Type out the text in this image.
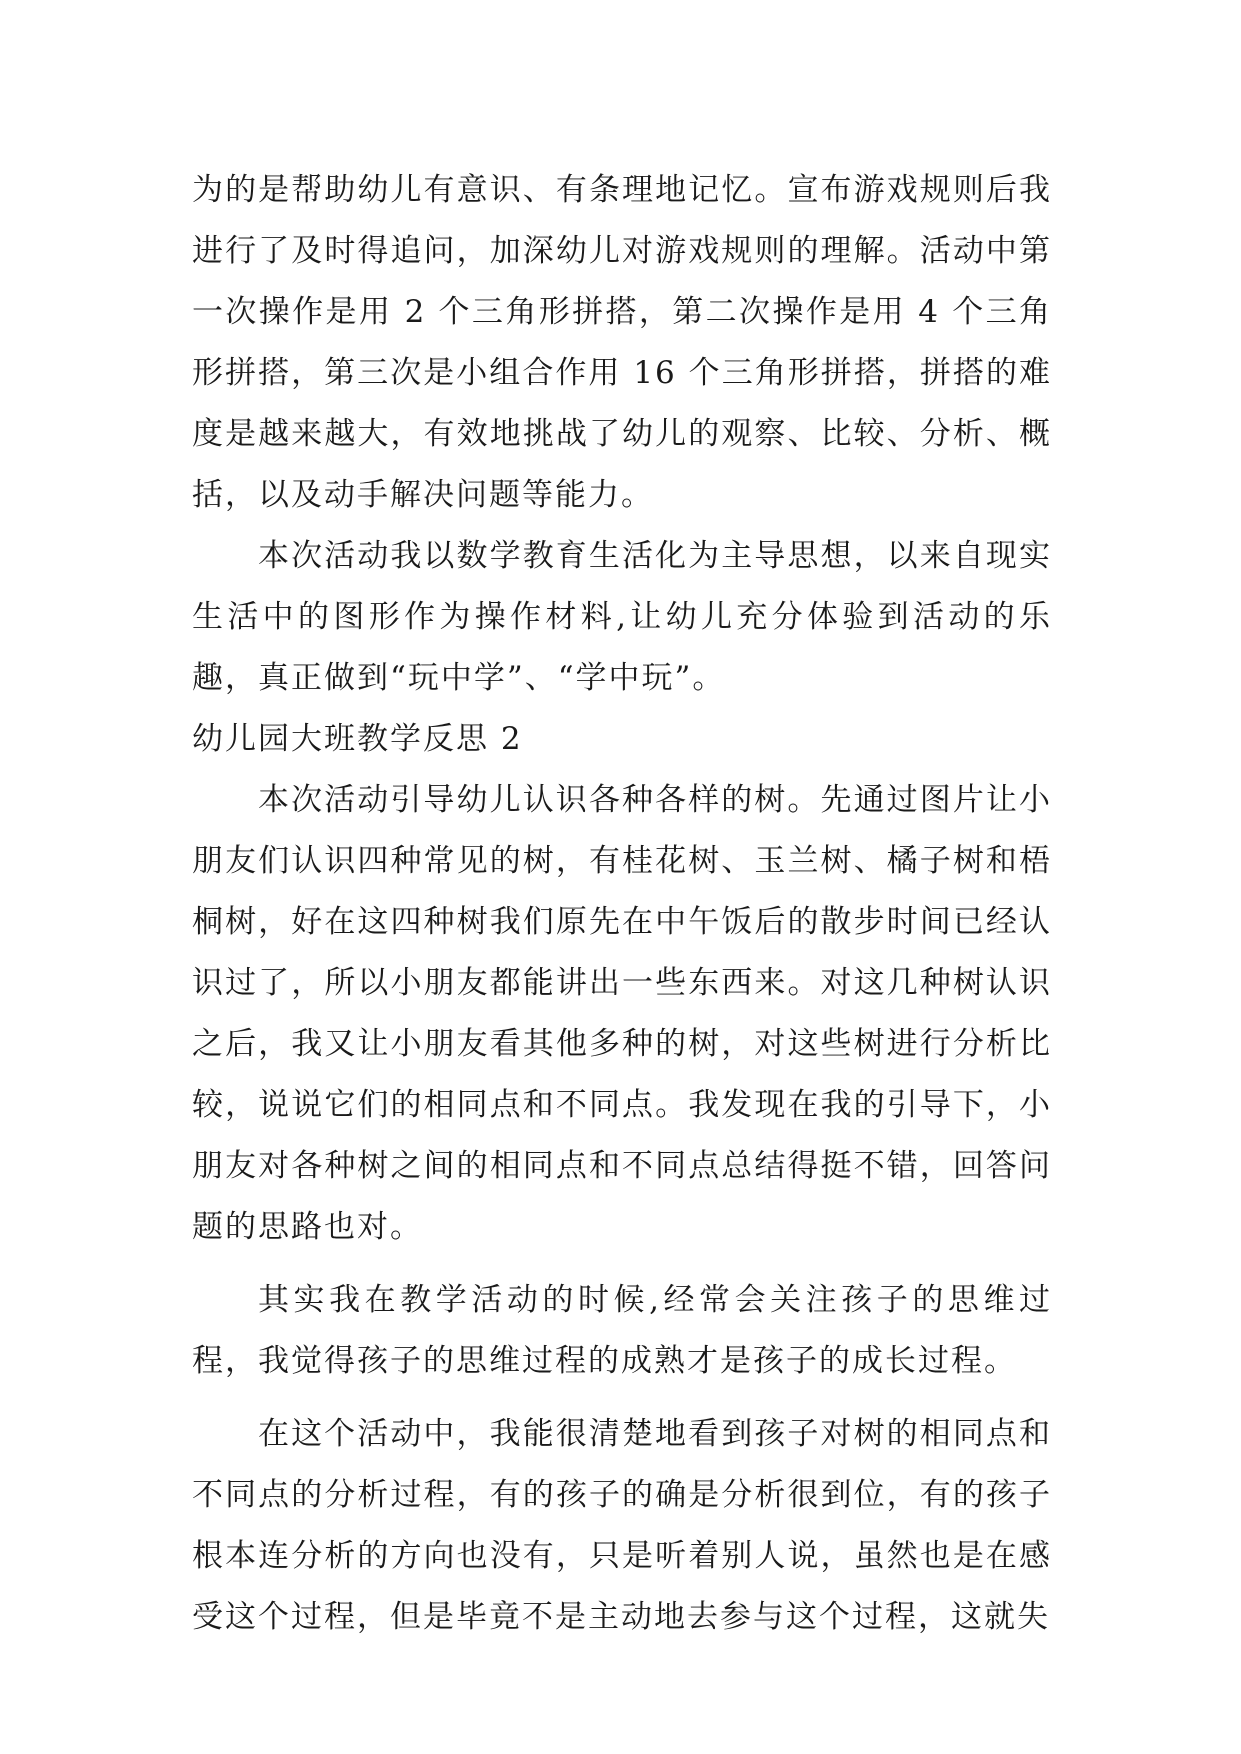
为的是帮助幼儿有意识、有条理地记忆。宣布游戏规则后我进行了及时得追问，加深幼儿对游戏规则的理解。活动中第一次操作是用 2 个三角形拼搭，第二次操作是用 4 个三角形拼搭，第三次是小组合作用 16 个三角形拼搭，拼搭的难度是越来越大，有效地挑战了幼儿的观察、比较、分析、概括，以及动手解决问题等能力。

本次活动我以数学教育生活化为主导思想，以来自现实生活中的图形作为操作材料,让幼儿充分体验到活动的乐趣，真正做到“玩中学”、“学中玩”。

幼儿园大班教学反思 2

本次活动引导幼儿认识各种各样的树。先通过图片让小朋友们认识四种常见的树，有桂花树、玉兰树、橘子树和梧桐树，好在这四种树我们原先在中午饭后的散步时间已经认识过了，所以小朋友都能讲出一些东西来。对这几种树认识之后，我又让小朋友看其他多种的树，对这些树进行分析比较，说说它们的相同点和不同点。我发现在我的引导下，小朋友对各种树之间的相同点和不同点总结得挺不错，回答问题的思路也对。

其实我在教学活动的时候,经常会关注孩子的思维过程，我觉得孩子的思维过程的成熟才是孩子的成长过程。

在这个活动中，我能很清楚地看到孩子对树的相同点和不同点的分析过程，有的孩子的确是分析很到位，有的孩子根本连分析的方向也没有，只是听着别人说，虽然也是在感受这个过程，但是毕竟不是主动地去参与这个过程，这就失
